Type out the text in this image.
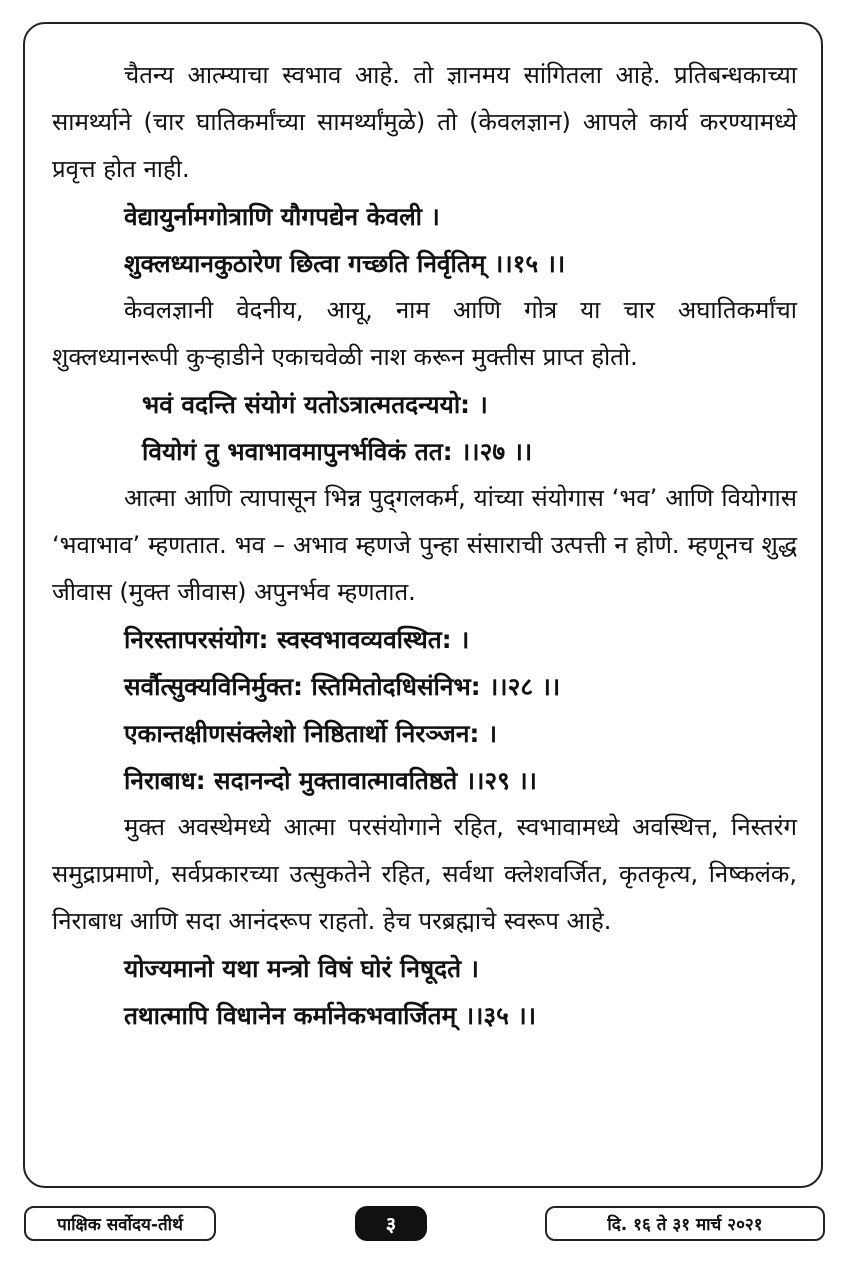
चैतन्य आत्म्याचा स्वभाव आहे. तो ज्ञानमय सांगितला आहे. प्रतिबन्धकाच्या सामर्थ्याने (चार घातिकर्मांच्या सामर्थ्यांमुळे) तो (केवलज्ञान) आपले कार्य करण्यामध्ये प्रवृत्त होत नाही.

वेद्यायुर्नामगोत्राणि यौगपद्येन केवली ।
शुक्लध्यानकुठारेण छित्वा गच्छति निर्वृतिम् ।।१५ ।।

केवलज्ञानी वेदनीय, आयू, नाम आणि गोत्र या चार अघातिकर्मांचा शुक्लध्यानरूपी कुऱ्हाडीने एकाचवेळी नाश करून मुक्तीस प्राप्त होतो.

भवं वदन्ति संयोगं यतोऽत्रात्मतदन्ययो: ।
वियोगं तु भवाभावमापुनर्भविकं तत: ।।२७ ।।

आत्मा आणि त्यापासून भिन्न पुद्‌गलकर्म, यांच्या संयोगास ‘भव’ आणि वियोगास ‘भवाभाव’ म्हणतात. भव – अभाव म्हणजे पुन्हा संसाराची उत्पत्ती न होणे. म्हणूनच शुद्ध जीवास (मुक्त जीवास) अपुनर्भव म्हणतात.

निरस्तापरसंयोग: स्वस्वभावव्यवस्थित: ।
सर्वौत्सुक्यविनिर्मुक्त: स्तिमितोदधिसंनिभ: ।।२८ ।।
एकान्तक्षीणसंक्लेशो निष्ठितार्थो निरञ्जन: ।
निराबाध: सदानन्दो मुक्तावात्मावतिष्ठते ।।२९ ।।

मुक्त अवस्थेमध्ये आत्मा परसंयोगाने रहित, स्वभावामध्ये अवस्थित्त, निस्तरंग समुद्राप्रमाणे, सर्वप्रकारच्या उत्सुकतेने रहित, सर्वथा क्लेशवर्जित, कृतकृत्य, निष्कलंक, निराबाध आणि सदा आनंदरूप राहतो. हेच परब्रह्माचे स्वरूप आहे.

योज्यमानो यथा मन्त्रो विषं घोरं निषूदते ।
तथात्मापि विधानेन कर्मानेकभवार्जितम् ।।३५ ।।
पाक्षिक सर्वोदय-तीर्थ	३	दि. १६ ते ३१ मार्च २०२१
